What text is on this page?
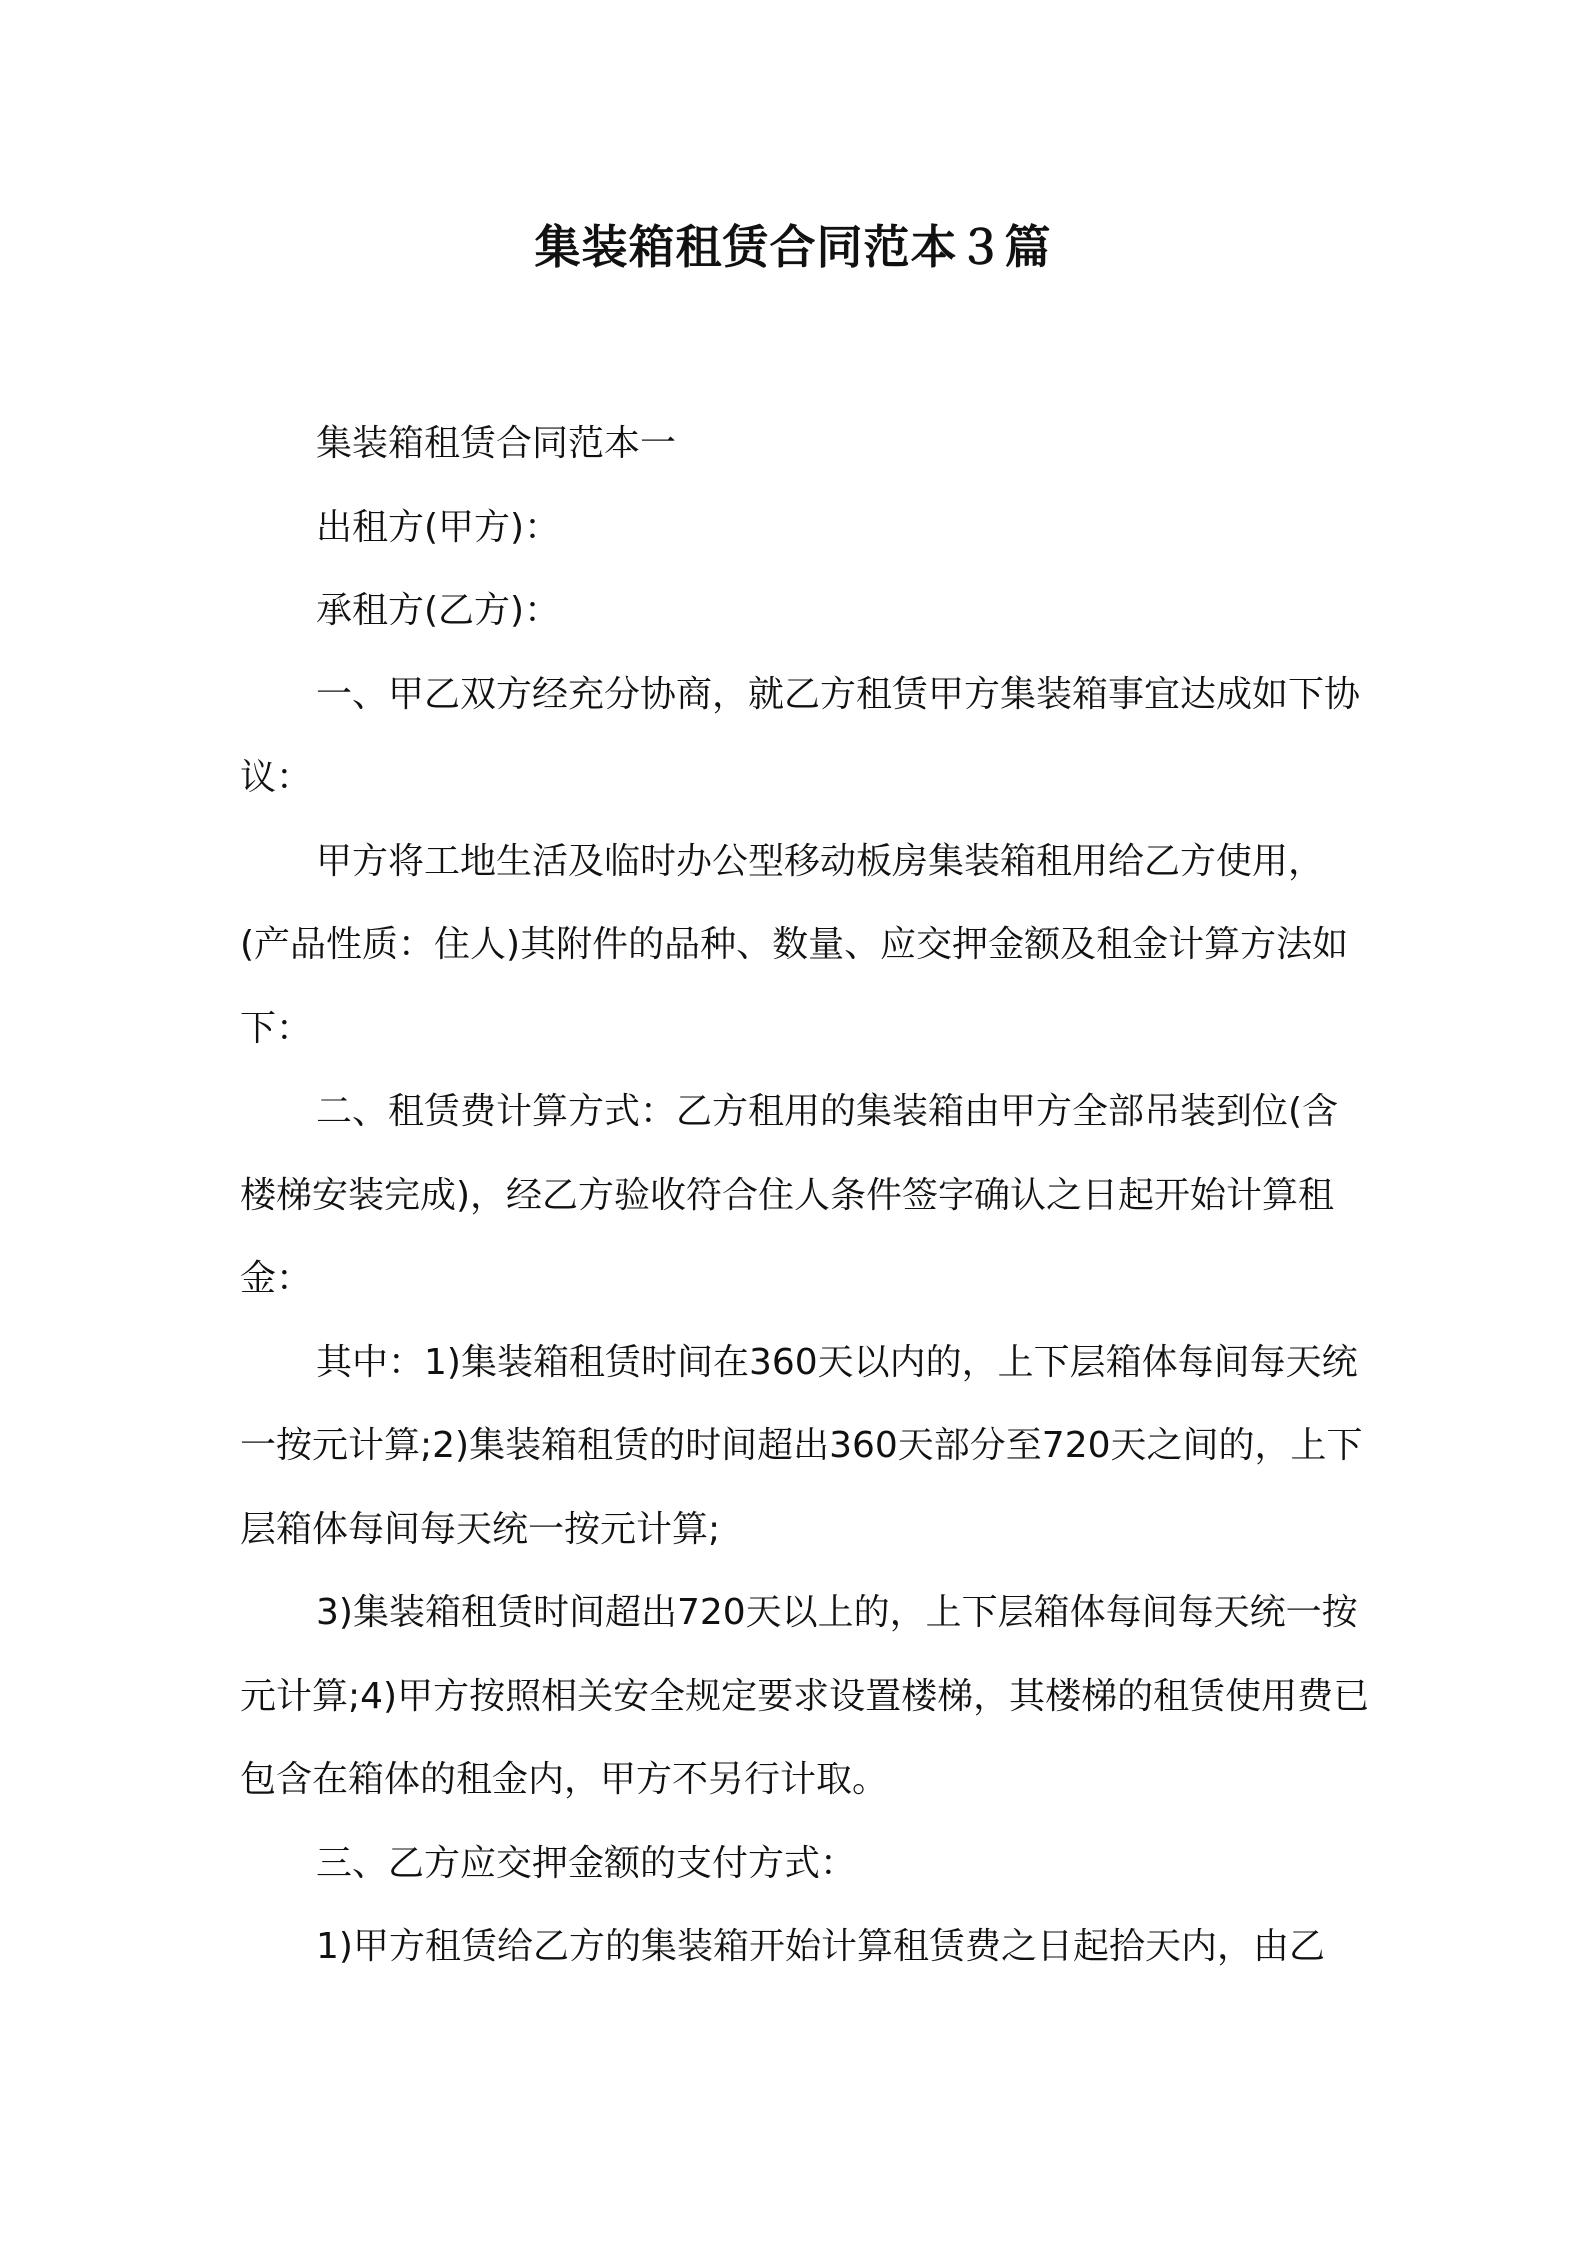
集装箱租赁合同范本３篇

集装箱租赁合同范本一

出租方(甲方)：

承租方(乙方)：

一、甲乙双方经充分协商，就乙方租赁甲方集装箱事宜达成如下协议：

甲方将工地生活及临时办公型移动板房集装箱租用给乙方使用，(产品性质：住人)其附件的品种、数量、应交押金额及租金计算方法如下：

二、租赁费计算方式：乙方租用的集装箱由甲方全部吊装到位(含楼梯安装完成)，经乙方验收符合住人条件签字确认之日起开始计算租金：

其中：1)集装箱租赁时间在360天以内的，上下层箱体每间每天统一按元计算;2)集装箱租赁的时间超出360天部分至720天之间的，上下层箱体每间每天统一按元计算;

3)集装箱租赁时间超出720天以上的，上下层箱体每间每天统一按元计算;4)甲方按照相关安全规定要求设置楼梯，其楼梯的租赁使用费已包含在箱体的租金内，甲方不另行计取。

三、乙方应交押金额的支付方式：

1)甲方租赁给乙方的集装箱开始计算租赁费之日起拾天内，由乙
